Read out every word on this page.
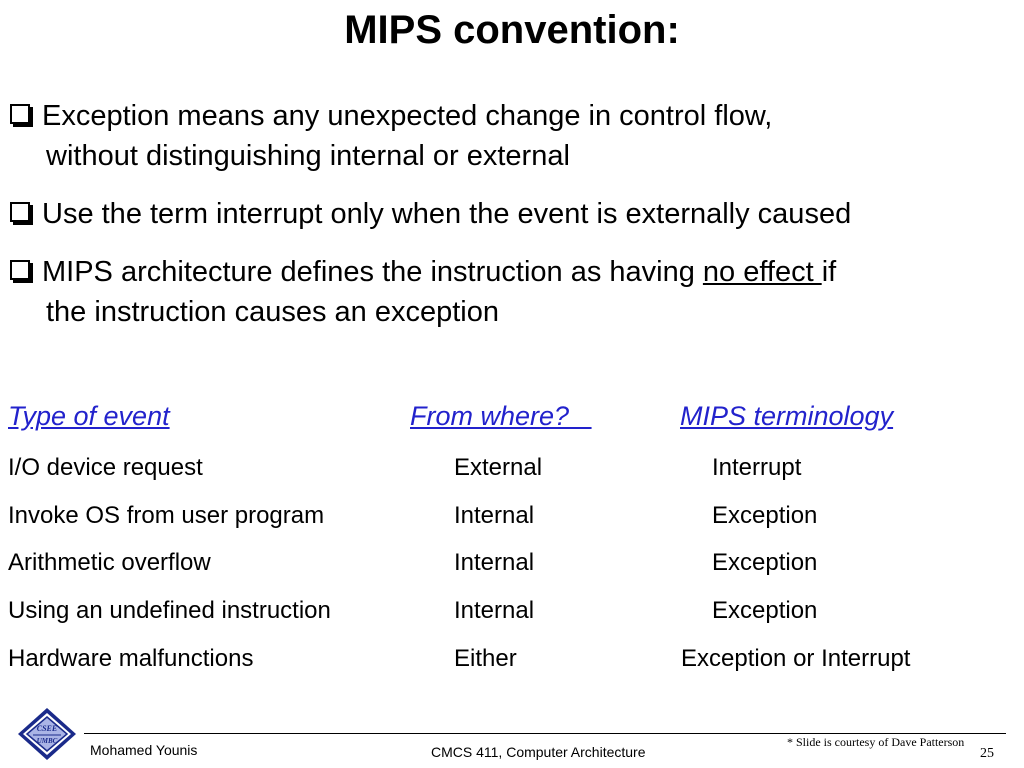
MIPS convention:
Exception means any unexpected change in control flow,
without distinguishing internal or external
Use the term interrupt only when the event is externally caused
MIPS architecture defines the instruction as having no effect if
the instruction causes an exception
Type of event	From where?	MIPS terminology
I/O device request	External	Interrupt
Invoke OS from user program	Internal	Exception
Arithmetic overflow	Internal	Exception
Using an undefined instruction	Internal	Exception
Hardware malfunctions	Either	Exception or Interrupt
CSEE
UMBC
Mohamed Younis	CMCS 411, Computer Architecture
* Slide is courtesy of Dave Patterson
25
